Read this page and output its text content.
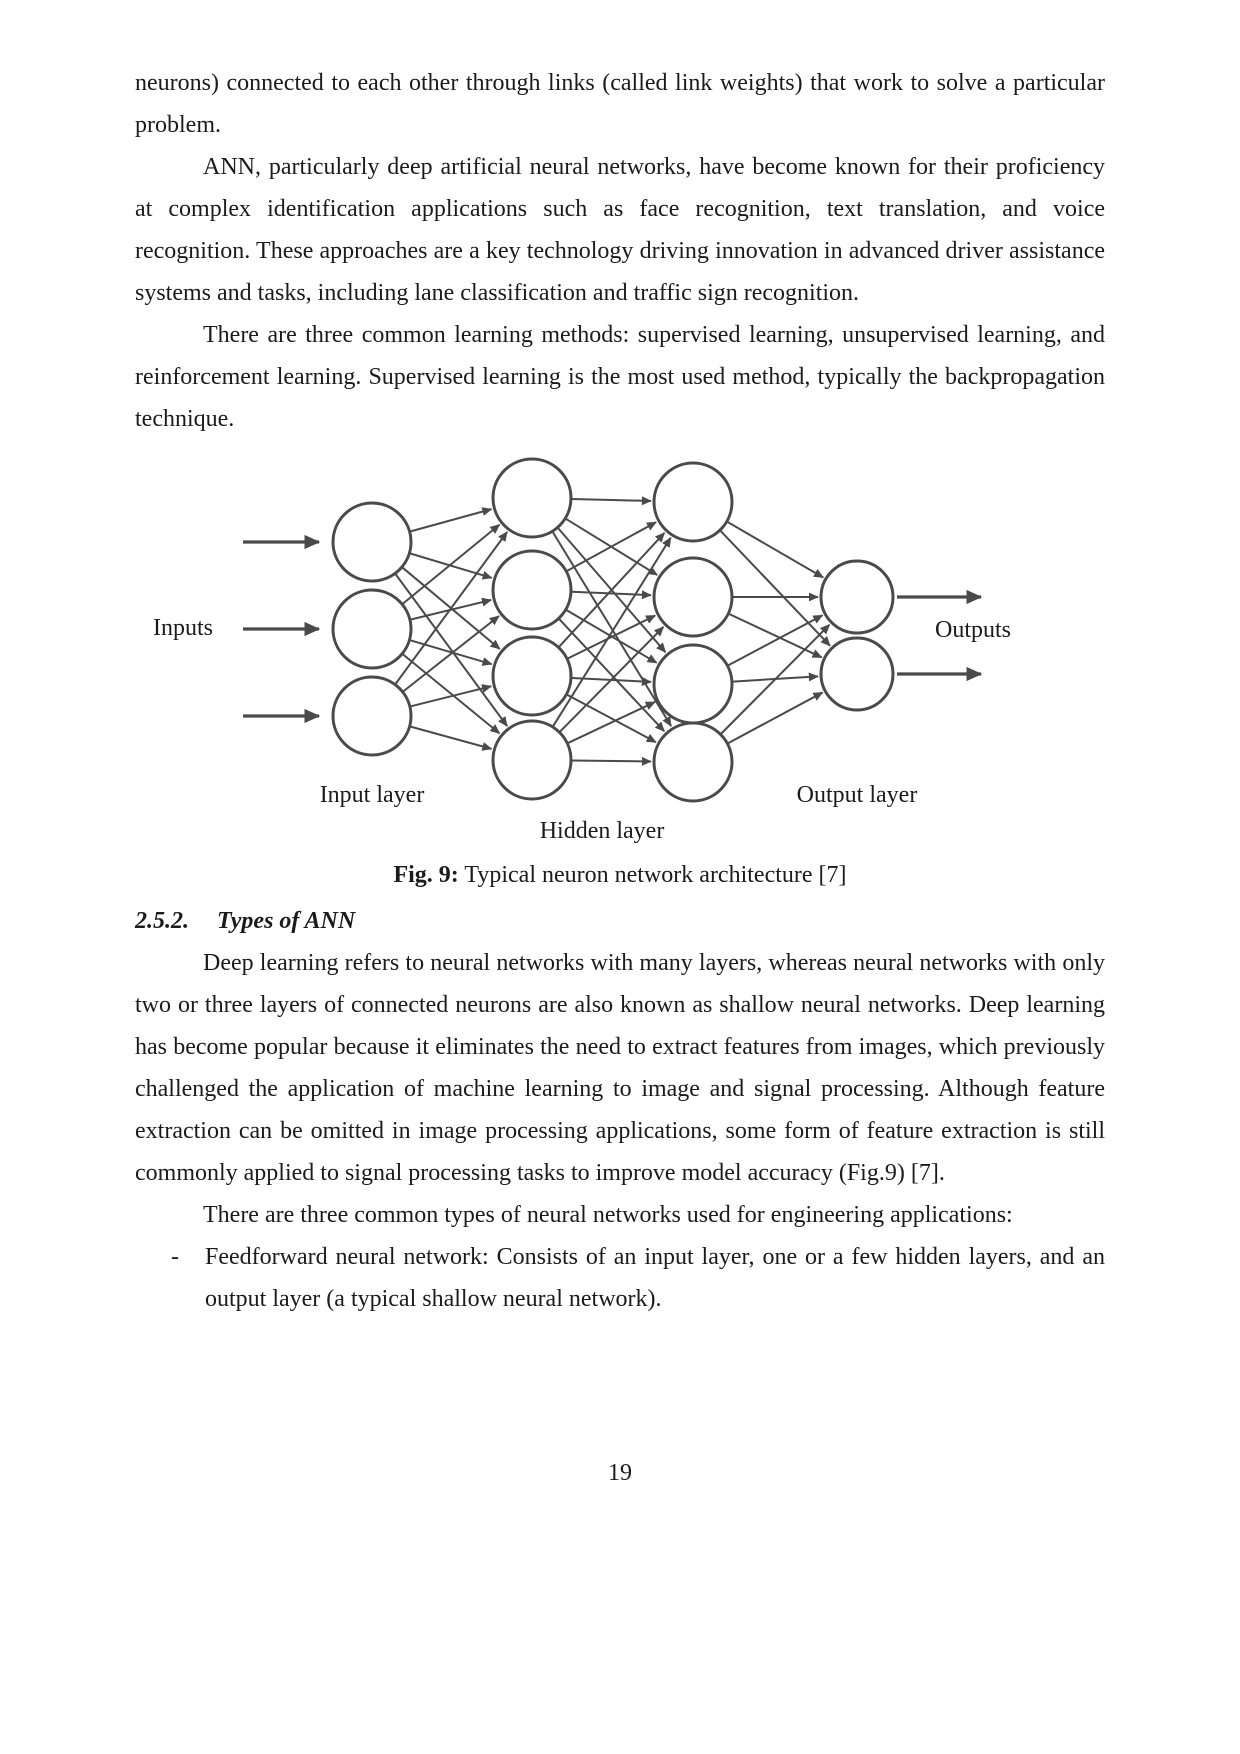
neurons) connected to each other through links (called link weights) that work to solve a particular problem.

ANN, particularly deep artificial neural networks, have become known for their proficiency at complex identification applications such as face recognition, text translation, and voice recognition. These approaches are a key technology driving innovation in advanced driver assistance systems and tasks, including lane classification and traffic sign recognition.

There are three common learning methods: supervised learning, unsupervised learning, and reinforcement learning. Supervised learning is the most used method, typically the backpropagation technique.

Inputs	Outputs
Input layer	Output layer
Hidden layer
Fig. 9: Typical neuron network architecture [7]
2.5.2. Types of ANN

Deep learning refers to neural networks with many layers, whereas neural networks with only two or three layers of connected neurons are also known as shallow neural networks. Deep learning has become popular because it eliminates the need to extract features from images, which previously challenged the application of machine learning to image and signal processing. Although feature extraction can be omitted in image processing applications, some form of feature extraction is still commonly applied to signal processing tasks to improve model accuracy (Fig.9) [7].

There are three common types of neural networks used for engineering applications:

- Feedforward neural network: Consists of an input layer, one or a few hidden layers, and an output layer (a typical shallow neural network).
19
